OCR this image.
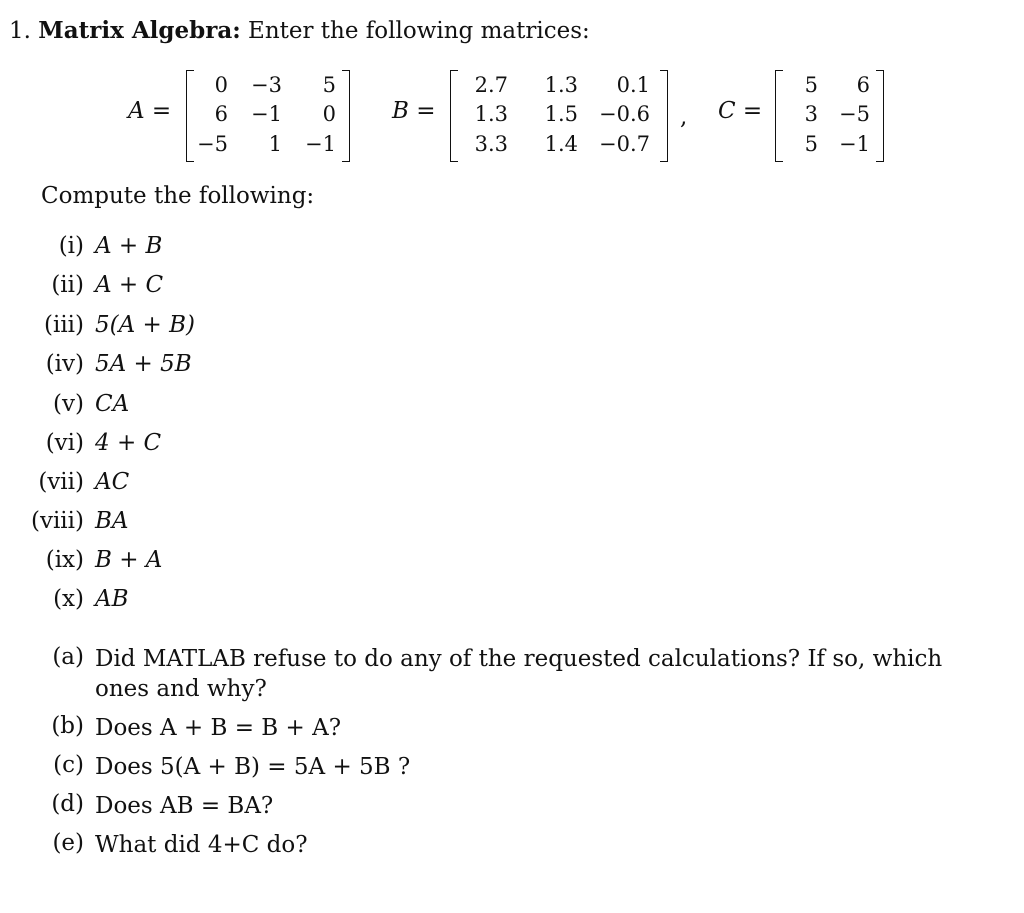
1. Matrix Algebra: Enter the following matrices:
A =
0	−3	5
6	−1	0
−5	1	−1
B =
2.7	1.3	0.1
1.3	1.5 −0.6
3.3	1.4 −0.7
, C =
5	6
3	−5
5	−1
Compute the following:
(i) A + B
(ii) A + C
(iii) 5(A + B)
(iv) 5A + 5B
(v) CA
(vi) 4 + C
(vii) AC
(viii) BA
(ix) B + A
(x) AB
(a) Did MATLAB refuse to do any of the requested calculations? If so, which ones and why?
(b) Does A + B = B + A?
(c) Does 5(A + B) = 5A + 5B ?
(d) Does AB = BA?
(e) What did 4+C do?
